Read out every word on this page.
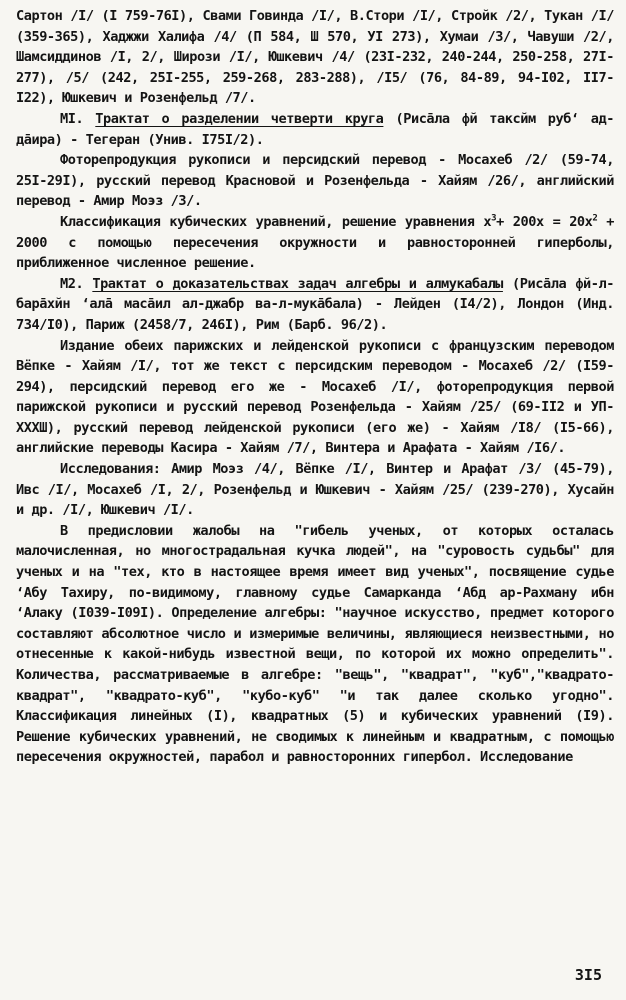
Сартон /I/ (I 759-76I), Свами Говинда /I/, В.Стори /I/, Стройк /2/, Тукан /I/ (359-365), Хаджжи Халифа /4/ (П 584, Ш 570, УI 273), Хумаи /3/, Чавуши /2/, Шамсиддинов /I, 2/, Ширози /I/, Юшкевич /4/ (23I-232, 240-244, 250-258, 27I-277), /5/ (242, 25I-255, 259-268, 283-288), /I5/ (76, 84-89, 94-I02, II7-I22), Юшкевич и Розенфельд /7/.

МI. Трактат о разделении четверти круга (Рисāла фй таксйм руб‘ ад-дāира) - Тегеран (Унив. I75I/2).

Фоторепродукция рукописи и персидский перевод - Мосахеб /2/ (59-74, 25I-29I), русский перевод Красновой и Розенфельда - Хайям /26/, английский перевод - Амир Моэз /3/.

Классификация кубических уравнений, решение уравнения $x^3+ 200x = 20x^2 + 2000$ с помощью пересечения окружности и равносторонней гиперболы, приближенное численное решение.

М2. Трактат о доказательствах задач алгебры и алмукабалы (Рисāла фй-л-барāхйн ‘алā масāил ал-джабр ва-л-мукāбала) - Лейден (I4/2), Лондон (Инд. 734/I0), Париж (2458/7, 246I), Рим (Барб. 96/2).

Издание обеих парижских и лейденской рукописи с французским переводом Вёпке - Хайям /I/, тот же текст с персидским переводом - Мосахеб /2/ (I59-294), персидский перевод его же - Мосахеб /I/, фоторепродукция первой парижской рукописи и русский перевод Розенфельда - Хайям /25/ (69-II2 и УП-XXXШ), русский перевод лейденской рукописи (его же) - Хайям /I8/ (I5-66), английские переводы Касира - Хайям /7/, Винтера и Арафата - Хайям /I6/.

Исследования: Амир Моэз /4/, Вёпке /I/, Винтер и Арафат /3/ (45-79), Ивс /I/, Мосахеб /I, 2/, Розенфельд и Юшкевич - Хайям /25/ (239-270), Хусайн и др. /I/, Юшкевич /I/.

В предисловии жалобы на "гибель ученых, от которых осталась малочисленная, но многострадальная кучка людей", на "суровость судьбы" для ученых и на "тех, кто в настоящее время имеет вид ученых", посвящение судье ‘Абу Тахиру, по-видимому, главному судье Самарканда ‘Абд ар-Рахману ибн ‘Алаку (I039-I09I). Определение алгебры: "научное искусство, предмет которого составляют абсолютное число и измеримые величины, являющиеся неизвестными, но отнесенные к какой-нибудь известной вещи, по которой их можно определить". Количества, рассматриваемые в алгебре: "вещь", "квадрат", "куб","квадрато-квадрат", "квадрато-куб", "кубо-куб" "и так далее сколько угодно". Классификация линейных (I), квадратных (5) и кубических уравнений (I9). Решение кубических уравнений, не сводимых к линейным и квадратным, с помощью пересечения окружностей, парабол и равносторонних гипербол. Исследование

3I5
